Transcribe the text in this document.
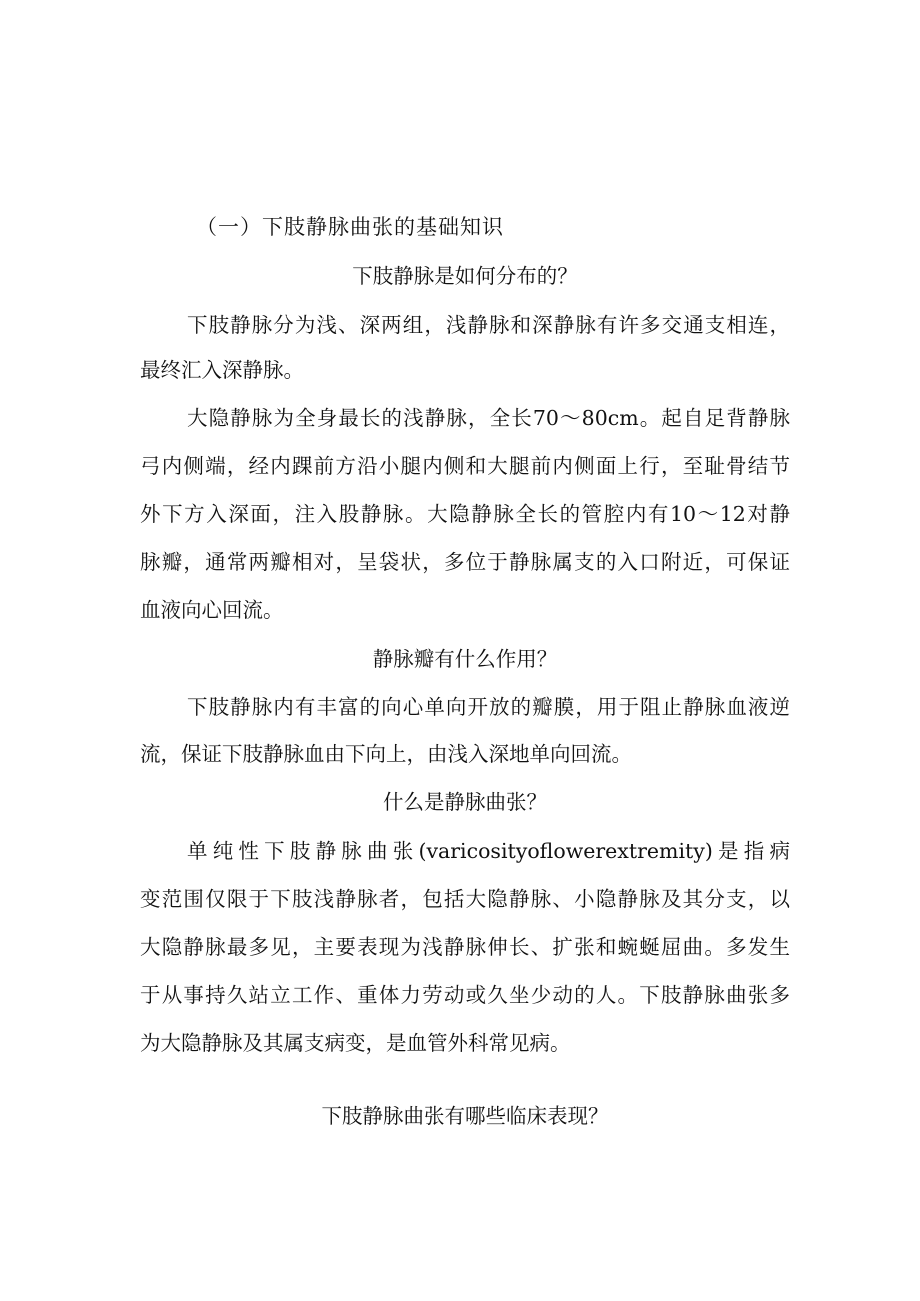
（一）下肢静脉曲张的基础知识
下肢静脉是如何分布的？
下肢静脉分为浅、深两组，浅静脉和深静脉有许多交通支相连，
最终汇入深静脉。
大隐静脉为全身最长的浅静脉，全长70～80cm。起自足背静脉
弓内侧端，经内踝前方沿小腿内侧和大腿前内侧面上行，至耻骨结节
外下方入深面，注入股静脉。大隐静脉全长的管腔内有10～12对静
脉瓣，通常两瓣相对，呈袋状，多位于静脉属支的入口附近，可保证
血液向心回流。
静脉瓣有什么作用？
下肢静脉内有丰富的向心单向开放的瓣膜，用于阻止静脉血液逆
流，保证下肢静脉血由下向上，由浅入深地单向回流。
什么是静脉曲张？
单纯性下肢静脉曲张(varicosityoflowerextremity)是指病
变范围仅限于下肢浅静脉者，包括大隐静脉、小隐静脉及其分支，以
大隐静脉最多见，主要表现为浅静脉伸长、扩张和蜿蜒屈曲。多发生
于从事持久站立工作、重体力劳动或久坐少动的人。下肢静脉曲张多
为大隐静脉及其属支病变，是血管外科常见病。
下肢静脉曲张有哪些临床表现？
